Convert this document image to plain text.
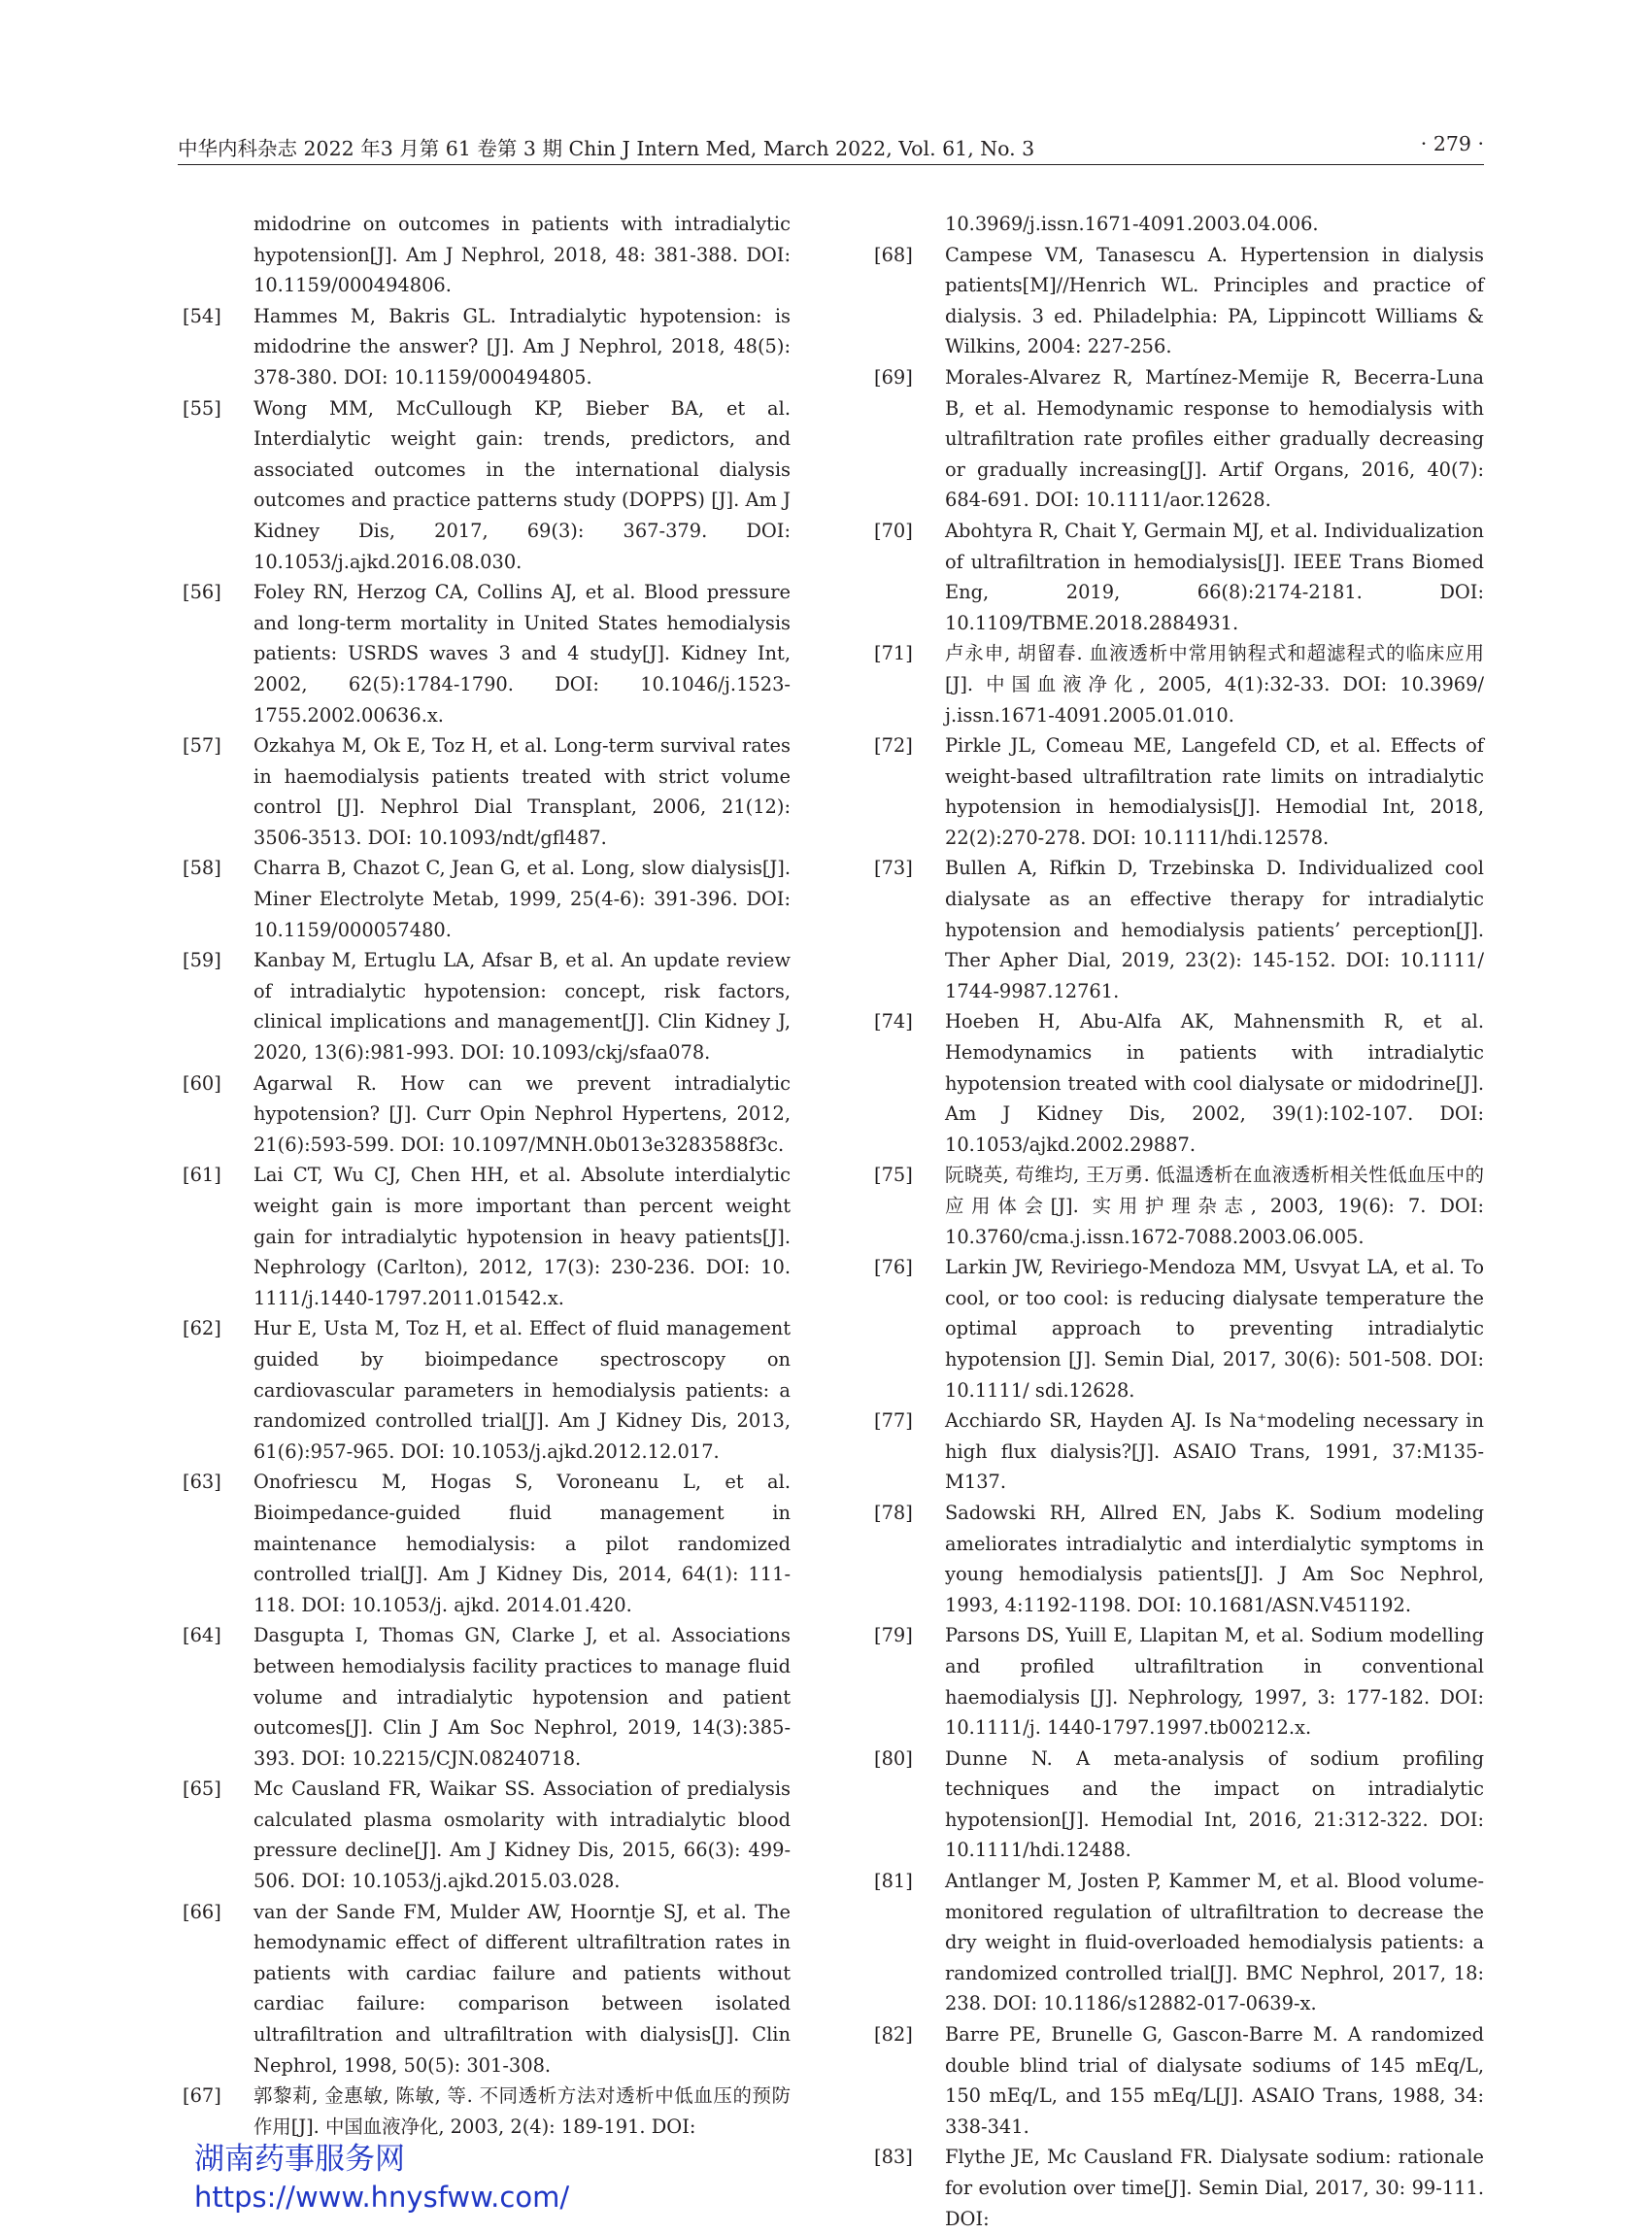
中华内科杂志 2022 年3 月第 61 卷第 3 期 Chin J Intern Med, March 2022, Vol. 61, No. 3	· 279 ·

midodrine on outcomes in patients with intradialytic hypotension[J]. Am J Nephrol, 2018, 48: 381-388. DOI: 10.1159/000494806.

[54] Hammes M, Bakris GL. Intradialytic hypotension: is midodrine the answer? [J]. Am J Nephrol, 2018, 48(5): 378-380. DOI: 10.1159/000494805.

[55] Wong MM, McCullough KP, Bieber BA, et al. Interdialytic weight gain: trends, predictors, and associated outcomes in the international dialysis outcomes and practice patterns study (DOPPS) [J]. Am J Kidney Dis, 2017, 69(3): 367-379. DOI: 10.1053/j.ajkd.2016.08.030.

[56] Foley RN, Herzog CA, Collins AJ, et al. Blood pressure and long-term mortality in United States hemodialysis patients: USRDS waves 3 and 4 study[J]. Kidney Int, 2002, 62(5):1784-1790. DOI: 10.1046/j.1523-1755.2002.00636.x.

[57] Ozkahya M, Ok E, Toz H, et al. Long-term survival rates in haemodialysis patients treated with strict volume control [J]. Nephrol Dial Transplant, 2006, 21(12): 3506-3513. DOI: 10.1093/ndt/gfl487.

[58] Charra B, Chazot C, Jean G, et al. Long, slow dialysis[J]. Miner Electrolyte Metab, 1999, 25(4-6): 391-396. DOI: 10.1159/000057480.

[59] Kanbay M, Ertuglu LA, Afsar B, et al. An update review of intradialytic hypotension: concept, risk factors, clinical implications and management[J]. Clin Kidney J, 2020, 13(6):981-993. DOI: 10.1093/ckj/sfaa078.

[60] Agarwal R. How can we prevent intradialytic hypotension? [J]. Curr Opin Nephrol Hypertens, 2012, 21(6):593-599. DOI: 10.1097/MNH.0b013e3283588f3c.

[61] Lai CT, Wu CJ, Chen HH, et al. Absolute interdialytic weight gain is more important than percent weight gain for intradialytic hypotension in heavy patients[J]. Nephrology (Carlton), 2012, 17(3): 230-236. DOI: 10. 1111/j.1440-1797.2011.01542.x.

[62] Hur E, Usta M, Toz H, et al. Effect of fluid management guided by bioimpedance spectroscopy on cardiovascular parameters in hemodialysis patients: a randomized controlled trial[J]. Am J Kidney Dis, 2013, 61(6):957-965. DOI: 10.1053/j.ajkd.2012.12.017.

[63] Onofriescu M, Hogas S, Voroneanu L, et al. Bioimpedance-guided fluid management in maintenance hemodialysis: a pilot randomized controlled trial[J]. Am J Kidney Dis, 2014, 64(1): 111-118. DOI: 10.1053/j. ajkd. 2014.01.420.

[64] Dasgupta I, Thomas GN, Clarke J, et al. Associations between hemodialysis facility practices to manage fluid volume and intradialytic hypotension and patient outcomes[J]. Clin J Am Soc Nephrol, 2019, 14(3):385-393. DOI: 10.2215/CJN.08240718.

[65] Mc Causland FR, Waikar SS. Association of predialysis calculated plasma osmolarity with intradialytic blood pressure decline[J]. Am J Kidney Dis, 2015, 66(3): 499-506. DOI: 10.1053/j.ajkd.2015.03.028.

[66] van der Sande FM, Mulder AW, Hoorntje SJ, et al. The hemodynamic effect of different ultrafiltration rates in patients with cardiac failure and patients without cardiac failure: comparison between isolated ultrafiltration and ultrafiltration with dialysis[J]. Clin Nephrol, 1998, 50(5): 301-308.

[67] 郭黎莉, 金惠敏, 陈敏, 等. 不同透析方法对透析中低血压的预防作用[J]. 中国血液净化, 2003, 2(4): 189-191. DOI:

10.3969/j.issn.1671-4091.2003.04.006.

[68] Campese VM, Tanasescu A. Hypertension in dialysis patients[M]//Henrich WL. Principles and practice of dialysis. 3 ed. Philadelphia: PA, Lippincott Williams & Wilkins, 2004: 227-256.

[69] Morales-Alvarez R, Martínez-Memije R, Becerra-Luna B, et al. Hemodynamic response to hemodialysis with ultrafiltration rate profiles either gradually decreasing or gradually increasing[J]. Artif Organs, 2016, 40(7): 684-691. DOI: 10.1111/aor.12628.

[70] Abohtyra R, Chait Y, Germain MJ, et al. Individualization of ultrafiltration in hemodialysis[J]. IEEE Trans Biomed Eng, 2019, 66(8):2174-2181. DOI: 10.1109/TBME.2018.2884931.

[71] 卢永申, 胡留春. 血液透析中常用钠程式和超滤程式的临床应用[J]. 中国血液净化, 2005, 4(1):32-33. DOI: 10.3969/ j.issn.1671-4091.2005.01.010.

[72] Pirkle JL, Comeau ME, Langefeld CD, et al. Effects of weight-based ultrafiltration rate limits on intradialytic hypotension in hemodialysis[J]. Hemodial Int, 2018, 22(2):270-278. DOI: 10.1111/hdi.12578.

[73] Bullen A, Rifkin D, Trzebinska D. Individualized cool dialysate as an effective therapy for intradialytic hypotension and hemodialysis patients’ perception[J]. Ther Apher Dial, 2019, 23(2): 145-152. DOI: 10.1111/ 1744-9987.12761.

[74] Hoeben H, Abu-Alfa AK, Mahnensmith R, et al. Hemodynamics in patients with intradialytic hypotension treated with cool dialysate or midodrine[J]. Am J Kidney Dis, 2002, 39(1):102-107. DOI: 10.1053/ajkd.2002.29887.

[75] 阮晓英, 苟维均, 王万勇. 低温透析在血液透析相关性低血压中的应用体会[J]. 实用护理杂志, 2003, 19(6): 7. DOI: 10.3760/cma.j.issn.1672-7088.2003.06.005.

[76] Larkin JW, Reviriego-Mendoza MM, Usvyat LA, et al. To cool, or too cool: is reducing dialysate temperature the optimal approach to preventing intradialytic hypotension [J]. Semin Dial, 2017, 30(6): 501-508. DOI: 10.1111/ sdi.12628.

[77] Acchiardo SR, Hayden AJ. Is Na⁺modeling necessary in high flux dialysis?[J]. ASAIO Trans, 1991, 37:M135-M137.

[78] Sadowski RH, Allred EN, Jabs K. Sodium modeling ameliorates intradialytic and interdialytic symptoms in young hemodialysis patients[J]. J Am Soc Nephrol, 1993, 4:1192-1198. DOI: 10.1681/ASN.V451192.

[79] Parsons DS, Yuill E, Llapitan M, et al. Sodium modelling and profiled ultrafiltration in conventional haemodialysis [J]. Nephrology, 1997, 3: 177-182. DOI: 10.1111/j. 1440-1797.1997.tb00212.x.

[80] Dunne N. A meta-analysis of sodium profiling techniques and the impact on intradialytic hypotension[J]. Hemodial Int, 2016, 21:312-322. DOI: 10.1111/hdi.12488.

[81] Antlanger M, Josten P, Kammer M, et al. Blood volume-monitored regulation of ultrafiltration to decrease the dry weight in fluid-overloaded hemodialysis patients: a randomized controlled trial[J]. BMC Nephrol, 2017, 18: 238. DOI: 10.1186/s12882-017-0639-x.

[82] Barre PE, Brunelle G, Gascon-Barre M. A randomized double blind trial of dialysate sodiums of 145 mEq/L, 150 mEq/L, and 155 mEq/L[J]. ASAIO Trans, 1988, 34: 338-341.

[83] Flythe JE, Mc Causland FR. Dialysate sodium: rationale for evolution over time[J]. Semin Dial, 2017, 30: 99-111. DOI:

湖南药事服务网
https://www.hnysfww.com/
